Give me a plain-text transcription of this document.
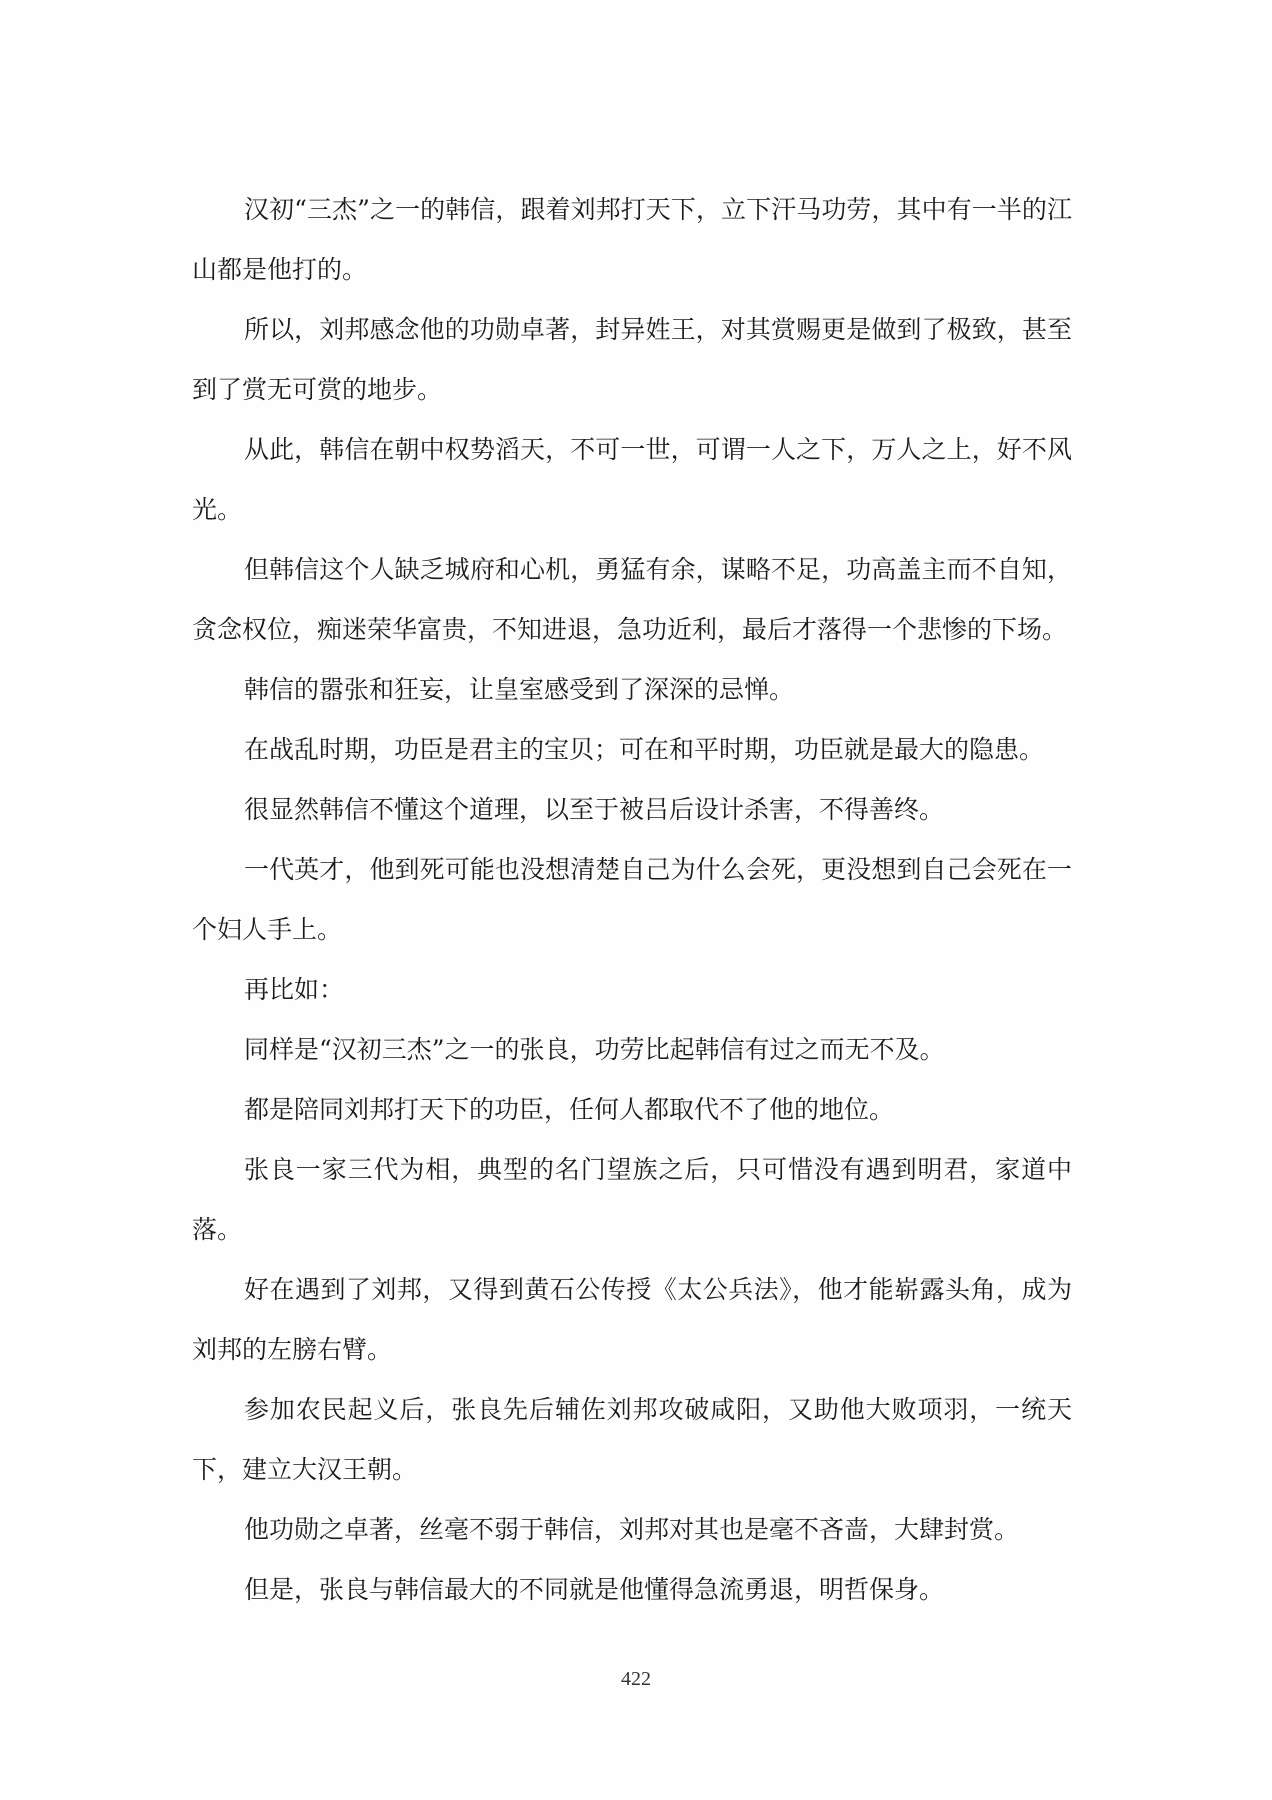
汉初“三杰”之一的韩信，跟着刘邦打天下，立下汗马功劳，其中有一半的江山都是他打的。

所以，刘邦感念他的功勋卓著，封异姓王，对其赏赐更是做到了极致，甚至到了赏无可赏的地步。

从此，韩信在朝中权势滔天，不可一世，可谓一人之下，万人之上，好不风光。

但韩信这个人缺乏城府和心机，勇猛有余，谋略不足，功高盖主而不自知，贪念权位，痴迷荣华富贵，不知进退，急功近利，最后才落得一个悲惨的下场。

韩信的嚣张和狂妄，让皇室感受到了深深的忌惮。

在战乱时期，功臣是君主的宝贝；可在和平时期，功臣就是最大的隐患。

很显然韩信不懂这个道理，以至于被吕后设计杀害，不得善终。

一代英才，他到死可能也没想清楚自己为什么会死，更没想到自己会死在一个妇人手上。

再比如：

同样是“汉初三杰”之一的张良，功劳比起韩信有过之而无不及。

都是陪同刘邦打天下的功臣，任何人都取代不了他的地位。

张良一家三代为相，典型的名门望族之后，只可惜没有遇到明君，家道中落。

好在遇到了刘邦，又得到黄石公传授《太公兵法》，他才能崭露头角，成为刘邦的左膀右臂。

参加农民起义后，张良先后辅佐刘邦攻破咸阳，又助他大败项羽，一统天下，建立大汉王朝。

他功勋之卓著，丝毫不弱于韩信，刘邦对其也是毫不吝啬，大肆封赏。

但是，张良与韩信最大的不同就是他懂得急流勇退，明哲保身。

422
